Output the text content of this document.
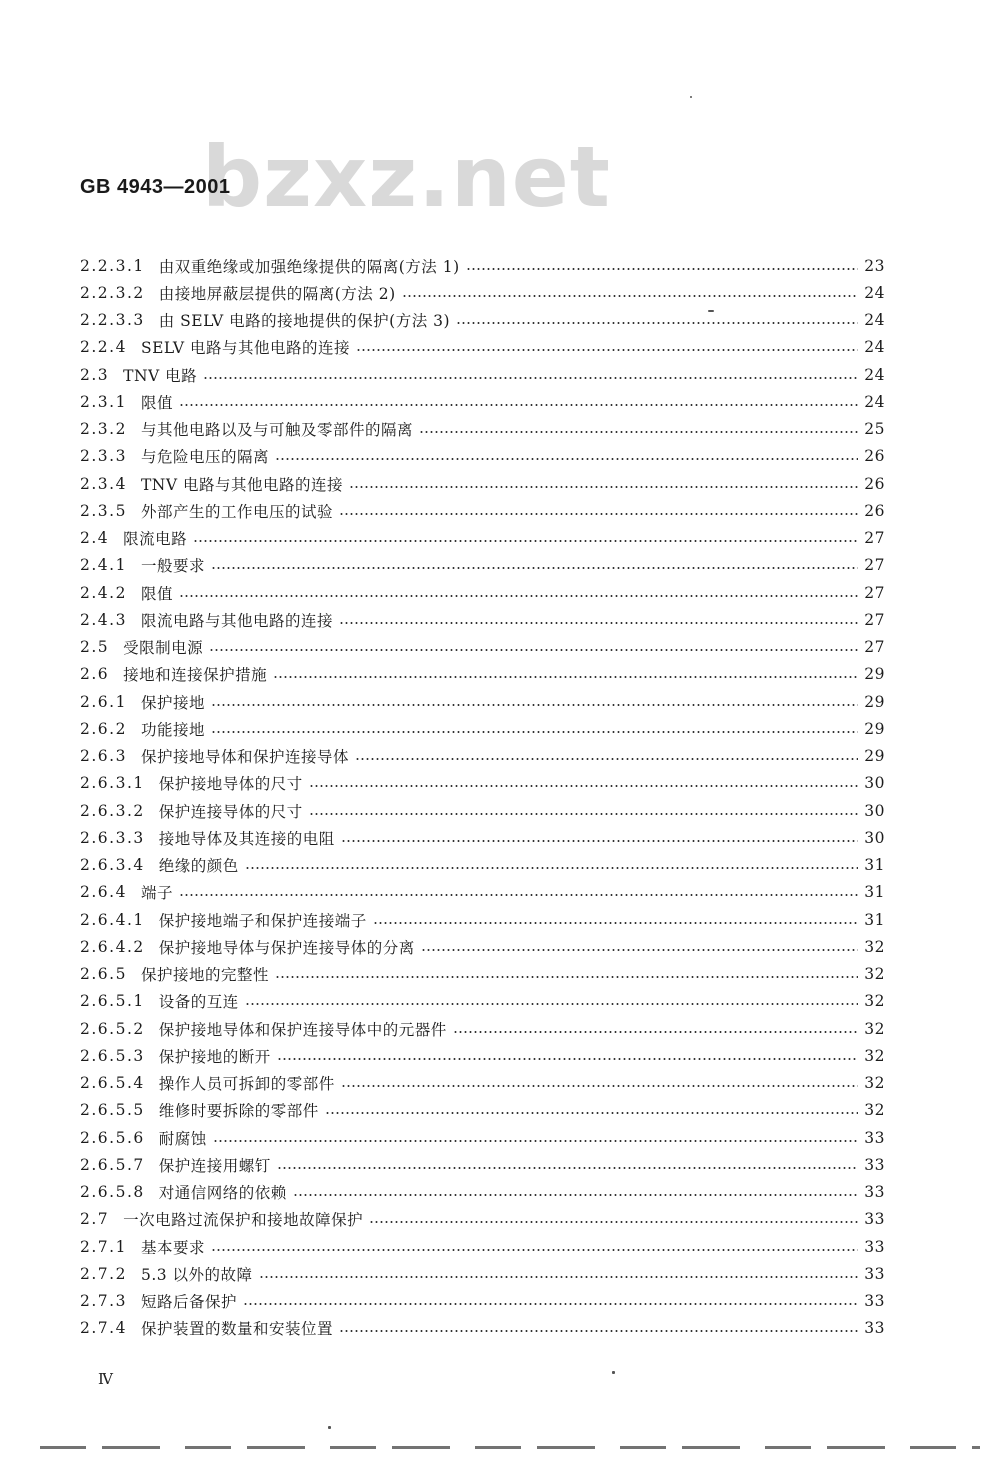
bzxz.net
GB 4943—2001
2.2.3.1 由双重绝缘或加强绝缘提供的隔离(方法 1)	23
2.2.3.2 由接地屏蔽层提供的隔离(方法 2)	24
2.2.3.3 由 SELV 电路的接地提供的保护(方法 3)	24
2.2.4 SELV 电路与其他电路的连接	24
2.3 TNV 电路	24
2.3.1 限值	24
2.3.2 与其他电路以及与可触及零部件的隔离	25
2.3.3 与危险电压的隔离	26
2.3.4 TNV 电路与其他电路的连接	26
2.3.5 外部产生的工作电压的试验	26
2.4 限流电路	27
2.4.1 一般要求	27
2.4.2 限值	27
2.4.3 限流电路与其他电路的连接	27
2.5 受限制电源	27
2.6 接地和连接保护措施	29
2.6.1 保护接地	29
2.6.2 功能接地	29
2.6.3 保护接地导体和保护连接导体	29
2.6.3.1 保护接地导体的尺寸	30
2.6.3.2 保护连接导体的尺寸	30
2.6.3.3 接地导体及其连接的电阻	30
2.6.3.4 绝缘的颜色	31
2.6.4 端子	31
2.6.4.1 保护接地端子和保护连接端子	31
2.6.4.2 保护接地导体与保护连接导体的分离	32
2.6.5 保护接地的完整性	32
2.6.5.1 设备的互连	32
2.6.5.2 保护接地导体和保护连接导体中的元器件	32
2.6.5.3 保护接地的断开	32
2.6.5.4 操作人员可拆卸的零部件	32
2.6.5.5 维修时要拆除的零部件	32
2.6.5.6 耐腐蚀	33
2.6.5.7 保护连接用螺钉	33
2.6.5.8 对通信网络的依赖	33
2.7 一次电路过流保护和接地故障保护	33
2.7.1 基本要求	33
2.7.2 5.3 以外的故障	33
2.7.3 短路后备保护	33
2.7.4 保护装置的数量和安装位置	33
Ⅳ
